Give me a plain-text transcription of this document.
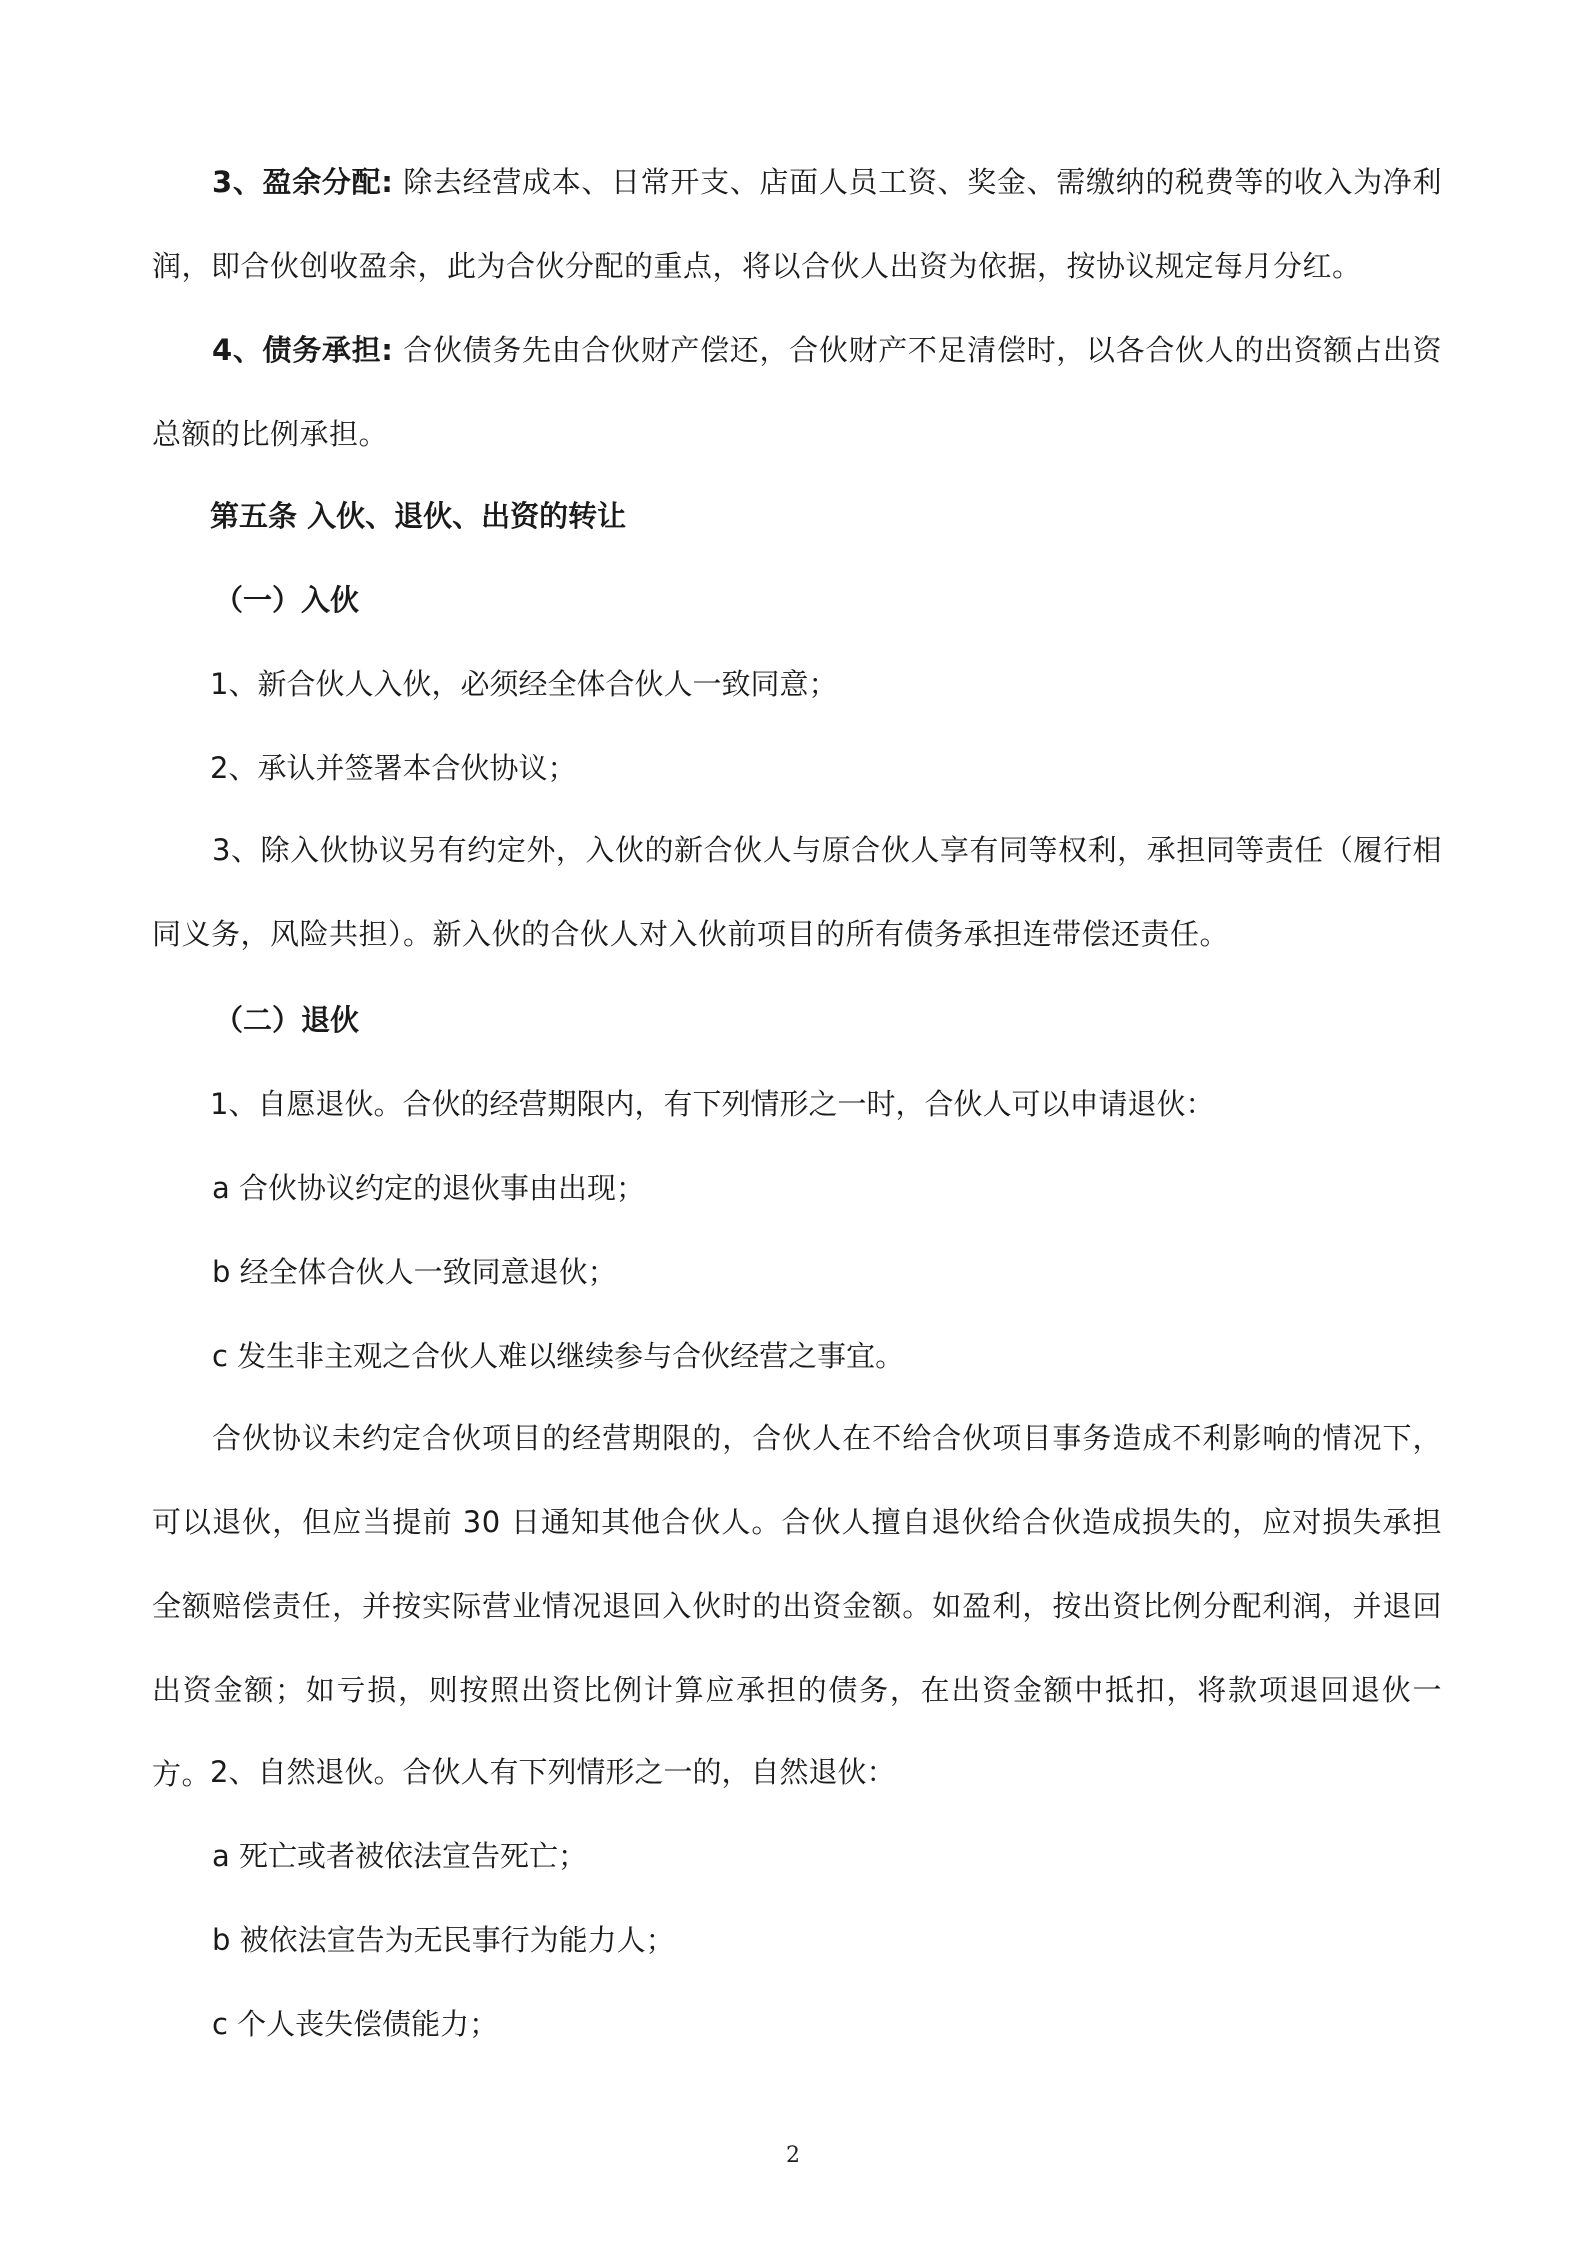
3、盈余分配: 除去经营成本、日常开支、店面人员工资、奖金、需缴纳的税费等的收入为净利润，即合伙创收盈余，此为合伙分配的重点，将以合伙人出资为依据，按协议规定每月分红。

4、债务承担: 合伙债务先由合伙财产偿还，合伙财产不足清偿时，以各合伙人的出资额占出资总额的比例承担。

第五条 入伙、退伙、出资的转让

（一）入伙

1、新合伙人入伙，必须经全体合伙人一致同意；

2、承认并签署本合伙协议；

3、除入伙协议另有约定外，入伙的新合伙人与原合伙人享有同等权利，承担同等责任（履行相同义务，风险共担）。新入伙的合伙人对入伙前项目的所有债务承担连带偿还责任。

（二）退伙

1、自愿退伙。合伙的经营期限内，有下列情形之一时，合伙人可以申请退伙：

a 合伙协议约定的退伙事由出现；

b 经全体合伙人一致同意退伙；

c 发生非主观之合伙人难以继续参与合伙经营之事宜。

合伙协议未约定合伙项目的经营期限的，合伙人在不给合伙项目事务造成不利影响的情况下，可以退伙，但应当提前 30 日通知其他合伙人。合伙人擅自退伙给合伙造成损失的，应对损失承担全额赔偿责任，并按实际营业情况退回入伙时的出资金额。如盈利，按出资比例分配利润，并退回出资金额；如亏损，则按照出资比例计算应承担的债务，在出资金额中抵扣，将款项退回退伙一方。

2、自然退伙。合伙人有下列情形之一的，自然退伙：

a 死亡或者被依法宣告死亡；

b 被依法宣告为无民事行为能力人；

c 个人丧失偿债能力；

2
